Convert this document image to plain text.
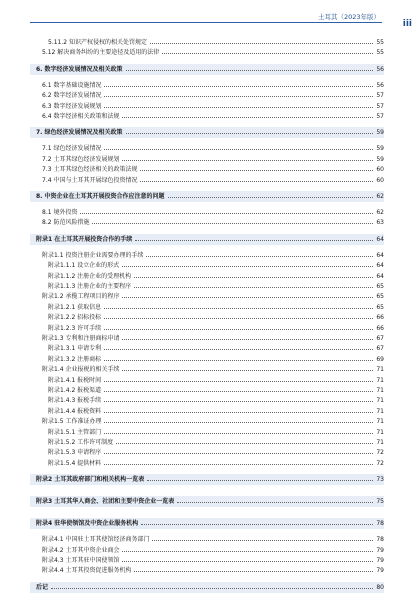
土耳其（2023年版）
iii
5.11.2 知识产权侵权的相关处罚规定	55
5.12 解决商务纠纷的主要途径及适用的法律	55
6. 数字经济发展情况及相关政策	56
6.1 数字基础设施情况	56
6.2 数字经济发展情况	57
6.3 数字经济发展规划	57
6.4 数字经济相关政策和法规	57
7. 绿色经济发展情况及相关政策	59
7.1 绿色经济发展情况	59
7.2 土耳其绿色经济发展规划	59
7.3 土耳其绿色经济相关的政策法规	60
7.4 中国与土耳其开展绿色投资情况	60
8. 中资企业在土耳其开展投资合作应注意的问题	62
8.1 境外投资	62
8.2 防范风险措施	63
附录1 在土耳其开展投资合作的手续	64
附录1.1 投资注册企业需要办理的手续	64
附录1.1.1 设立企业的形式	64
附录1.1.2 注册企业的受理机构	64
附录1.1.3 注册企业的主要程序	65
附录1.2 承揽工程项目的程序	65
附录1.2.1 获取信息	65
附录1.2.2 招标投标	66
附录1.2.3 许可手续	66
附录1.3 专利和注册商标申请	67
附录1.3.1 申请专利	67
附录1.3.2 注册商标	69
附录1.4 企业报税的相关手续	71
附录1.4.1 报税时间	71
附录1.4.2 报税渠道	71
附录1.4.3 报税手续	71
附录1.4.4 报税资料	71
附录1.5 工作准证办理	71
附录1.5.1 主管部门	71
附录1.5.2 工作许可制度	71
附录1.5.3 申请程序	72
附录1.5.4 提供材料	72
附录2 土耳其政府部门和相关机构一览表	73
附录3 土耳其华人商会、社团和主要中资企业一览表	75
附录4 驻华使领馆及中资企业服务机构	78
附录4.1 中国驻土耳其使馆经济商务部门	78
附录4.2 土耳其中资企业商会	79
附录4.3 土耳其驻中国使领馆	79
附录4.4 土耳其投资促进服务机构	79
后记	80
